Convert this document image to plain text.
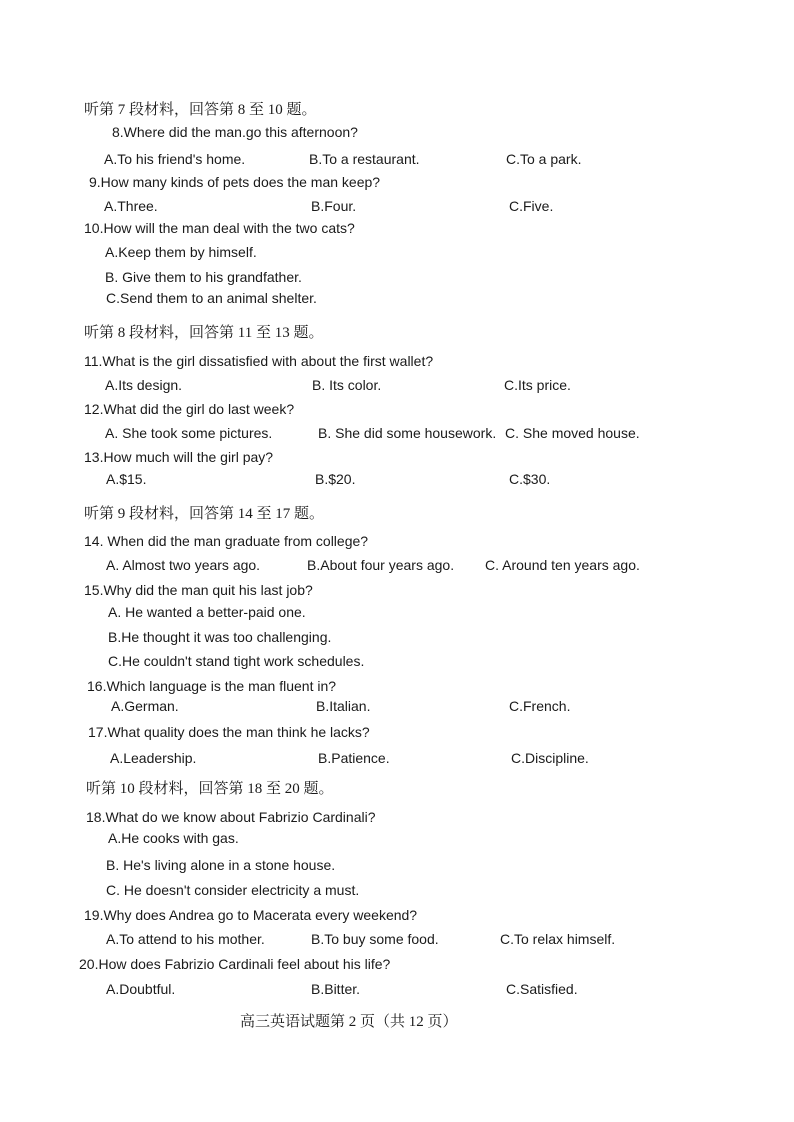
听第 7 段材料，回答第 8 至 10 题。
8.Where did the man.go this afternoon?
A.To his friend's home.	B.To a restaurant.	C.To a park.
9.How many kinds of pets does the man keep?
A.Three.	B.Four.	C.Five.
10.How will the man deal with the two cats?
A.Keep them by himself.
B. Give them to his grandfather.
C.Send them to an animal shelter.
听第 8 段材料，回答第 11 至 13 题。
11.What is the girl dissatisfied with about the first wallet?
A.Its design.	B. Its color.	C.Its price.
12.What did the girl do last week?
A. She took some pictures.	B. She did some housework. C. She moved house.
13.How much will the girl pay?
A.$15.	B.$20.	C.$30.
听第 9 段材料，回答第 14 至 17 题。
14. When did the man graduate from college?
A. Almost two years ago.	B.About four years ago. C. Around ten years ago.
15.Why did the man quit his last job?
A. He wanted a better-paid one.
B.He thought it was too challenging.
C.He couldn't stand tight work schedules.
16.Which language is the man fluent in?
A.German.	B.Italian.	C.French.
17.What quality does the man think he lacks?
A.Leadership.	B.Patience.	C.Discipline.
听第 10 段材料，回答第 18 至 20 题。
18.What do we know about Fabrizio Cardinali?
A.He cooks with gas.
B. He's living alone in a stone house.
C. He doesn't consider electricity a must.
19.Why does Andrea go to Macerata every weekend?
A.To attend to his mother.	B.To buy some food.	C.To relax himself.
20.How does Fabrizio Cardinali feel about his life?
A.Doubtful.	B.Bitter.	C.Satisfied.
高三英语试题第 2 页（共 12 页）
